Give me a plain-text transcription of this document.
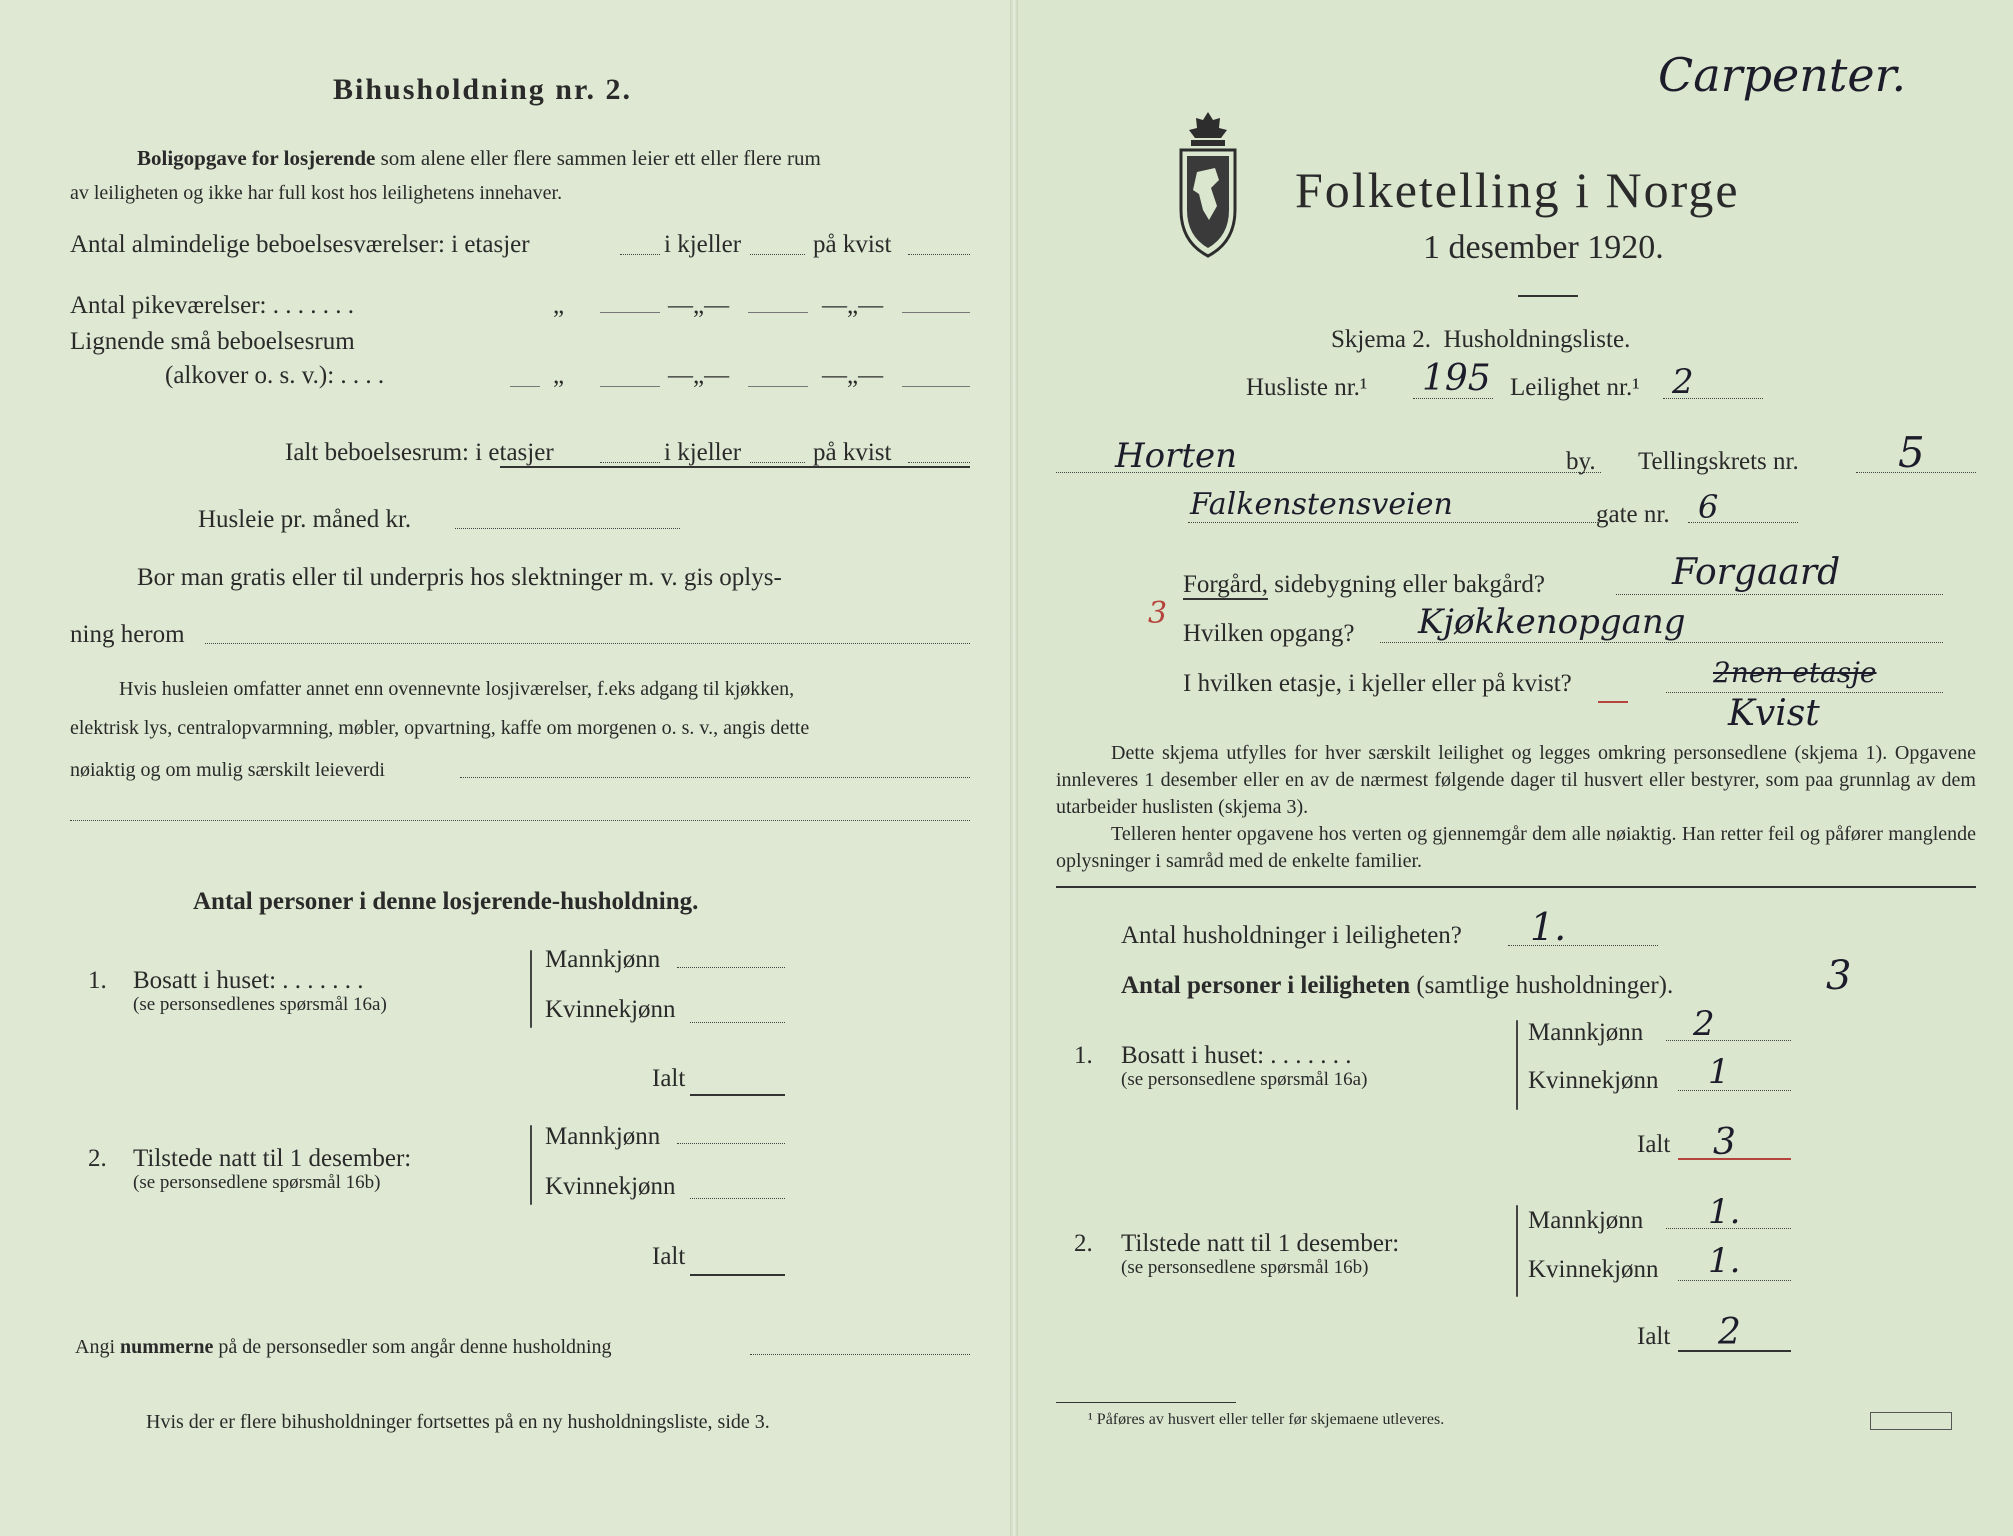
Bihusholdning nr. 2.
Boligopgave for losjerende som alene eller flere sammen leier ett eller flere rum
av leiligheten og ikke har full kost hos leilighetens innehaver.
Antal almindelige beboelsesværelser: i etasjer	i kjeller	på kvist
Antal pikeværelser: . . . . . . .	„	—„—	—„—
Lignende små beboelsesrum
(alkover o. s. v.): . . . .	„	—„—	—„—
Ialt beboelsesrum: i etasjer	i kjeller	på kvist
Husleie pr. måned kr.
Bor man gratis eller til underpris hos slektninger m. v. gis oplys-
ning herom
Hvis husleien omfatter annet enn ovennevnte losjiværelser, f.eks adgang til kjøkken,
elektrisk lys, centralopvarmning, møbler, opvartning, kaffe om morgenen o. s. v., angis dette
nøiaktig og om mulig særskilt leieverdi
Antal personer i denne losjerende-husholdning.
1. Bosatt i huset: . . . . . . .
(se personsedlenes spørsmål 16a)
Mannkjønn
Kvinnekjønn
Ialt
2. Tilstede natt til 1 desember:
(se personsedlene spørsmål 16b)
Mannkjønn
Kvinnekjønn
Ialt
Angi nummerne på de personsedler som angår denne husholdning
Hvis der er flere bihusholdninger fortsettes på en ny husholdningsliste, side 3.
Carpenter.
Folketelling i Norge
1 desember 1920.
Skjema 2. Husholdningsliste.
Husliste nr.¹ 195 Leilighet nr.¹ 2
Horten	by. Tellingskrets nr. 5
Falkenstensveien	gate nr. 6
Forgård, sidebygning eller bakgård?	Forgaard
3
Hvilken opgang? Kjøkkenopgang
I hvilken etasje, i kjeller eller på kvist?	2nen etasje
Kvist
Dette skjema utfylles for hver særskilt leilighet og legges omkring personsedlene (skjema 1). Opgavene innleveres 1 desember eller en av de nærmest følgende dager til husvert eller bestyrer, som paa grunnlag av dem utarbeider huslisten (skjema 3).
Telleren henter opgavene hos verten og gjennemgår dem alle nøiaktig. Han retter feil og påfører manglende oplysninger i samråd med de enkelte familier.
Antal husholdninger i leiligheten? 1.
Antal personer i leiligheten (samtlige husholdninger).	3
1. Bosatt i huset: . . . . . . .
(se personsedlene spørsmål 16a)
Mannkjønn 2
Kvinnekjønn 1
Ialt 3
2. Tilstede natt til 1 desember:
(se personsedlene spørsmål 16b)
Mannkjønn 1.
Kvinnekjønn 1.
Ialt 2
¹ Påføres av husvert eller teller før skjemaene utleveres.
